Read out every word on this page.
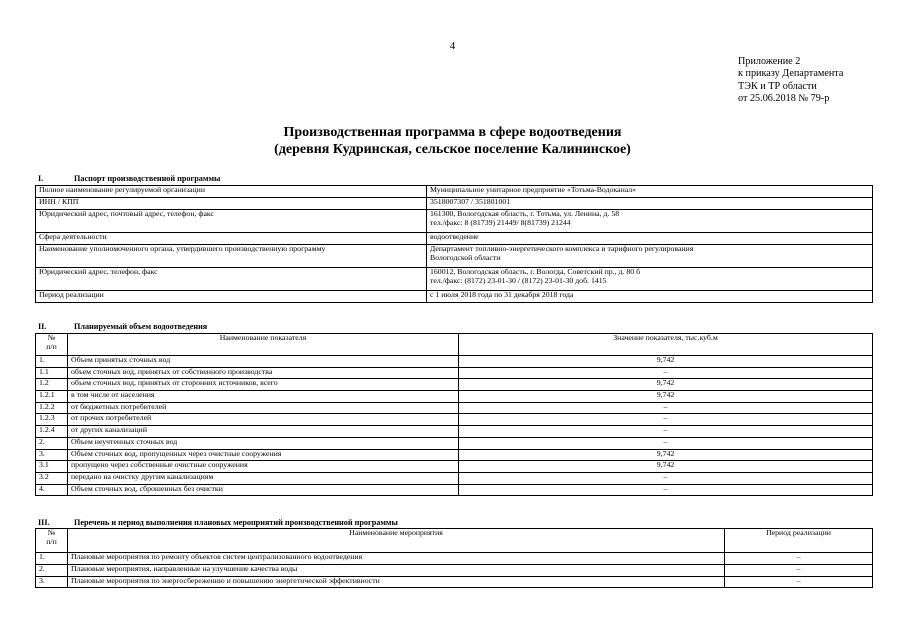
4
Приложение 2
к приказу Департамента
ТЭК и ТР области
от 25.06.2018 № 79-р
Производственная программа в сфере водоотведения
(деревня Кудринская, сельское поселение Калининское)
I.	Паспорт производственной программы
Полное наименование регулируемой организации	Муниципальное унитарное предприятие «Тотьма-Водоканал»

ИНН / КПП	3518007307 / 351801001

Юридический адрес, почтовый адрес, телефон, факс	161300, Вологодская область, г. Тотьма, ул. Ленина, д. 58
тел./факс: 8 (81739) 21449/ 8(81739) 21244

Сфера деятельности	водоотведение

Наименование уполномоченного органа, утвердившего производственную программу	Департамент топливно-энергетического комплекса и тарифного регулирования
Вологодской области

Юридический адрес, телефон, факс	160012, Вологодская область, г. Вологда, Советский пр., д. 80 б
тел./факс: (8172) 23-01-30 / (8172) 23-01-30 доб. 1415

Период реализации	с 1 июля 2018 года по 31 декабря 2018 года
II.	Планируемый объем водоотведения
№
п/п	Наименование показателя	Значение показателя, тыс.куб.м
1.	Объем принятых сточных вод	9,742
1.1	объем сточных вод, принятых от собственного производства	–
1.2	объем сточных вод, принятых от сторонних источников, всего	9,742
1.2.1	в том числе от населения	9,742
1.2.2	от бюджетных потребителей	–
1.2.3	от прочих потребителей	–
1.2.4	от других канализаций	–
2.	Объем неучтенных сточных вод	–
3.	Объем сточных вод, пропущенных через очистные сооружения	9,742
3.1	пропущено через собственные очистные сооружения	9,742
3.2	передано на очистку другим канализациям	–
4.	Объем сточных вод, сброшенных без очистки	–
III.	Перечень и период выполнения плановых мероприятий производственной программы
№
п/п	Наименование мероприятия	Период реализации
1.	Плановые мероприятия по ремонту объектов систем централизованного водоотведения	–
2.	Плановые мероприятия, направленные на улучшение качества воды	–
3.	Плановые мероприятия по энергосбережению и повышению энергетической эффективности	–
